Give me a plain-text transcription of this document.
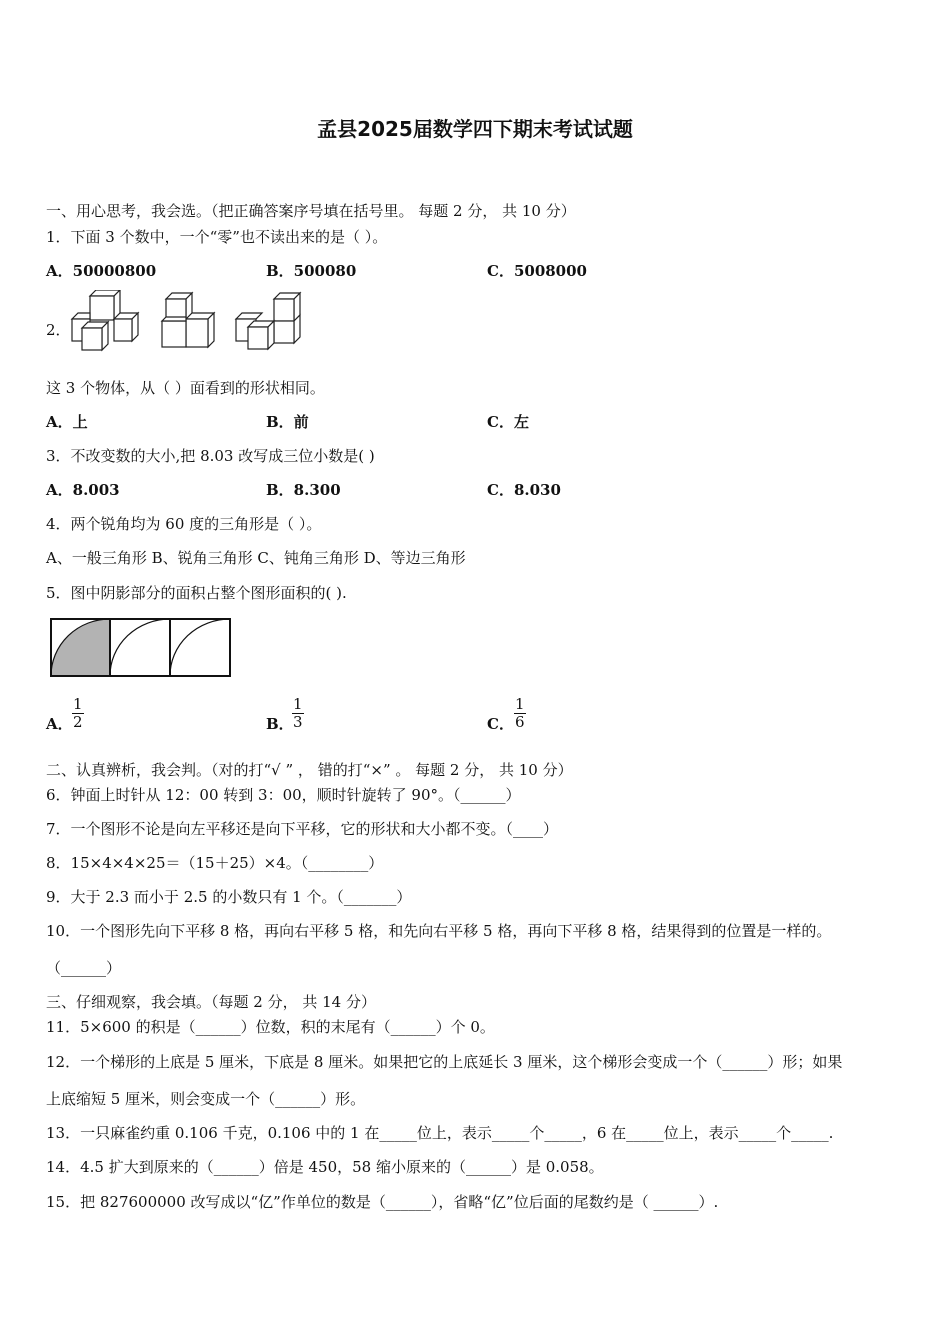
孟县2025届数学四下期末考试试题
一、用心思考，我会选。（把正确答案序号填在括号里。 每题 2 分， 共 10 分）
1．下面 3 个数中，一个“零”也不读出来的是（ ）。
A．50000800	B．500080	C．5008000
2．
这 3 个物体，从（ ）面看到的形状相同。
A．上	B．前	C．左
3．不改变数的大小,把 8.03 改写成三位小数是( )
A．8.003	B．8.300	C．8.030
4．两个锐角均为 60 度的三角形是（ ）。
A、一般三角形 B、锐角三角形 C、钝角三角形 D、等边三角形
5．图中阴影部分的面积占整个图形面积的( ).
A． $\frac{1}{2}$	B．
$\frac{1}{3}$	C． $\frac{1}{6}$
二、认真辨析，我会判。（对的打“√ ” ， 错的打“×” 。 每题 2 分， 共 10 分）
6．钟面上时针从 12：00 转到 3：00，顺时针旋转了 90°。（______）
7．一个图形不论是向左平移还是向下平移，它的形状和大小都不变。（____）
8．15×4×4×25＝（15＋25）×4。（________）
9．大于 2.3 而小于 2.5 的小数只有 1 个。（_______）
10．一个图形先向下平移 8 格，再向右平移 5 格，和先向右平移 5 格，再向下平移 8 格，结果得到的位置是一样的。
（______）
三、仔细观察，我会填。（每题 2 分， 共 14 分）
11．5×600 的积是（______）位数，积的末尾有（______）个 0。
12．一个梯形的上底是 5 厘米，下底是 8 厘米。如果把它的上底延长 3 厘米，这个梯形会变成一个（______）形；如果
上底缩短 5 厘米，则会变成一个（______）形。
13．一只麻雀约重 0.106 千克，0.106 中的 1 在_____位上，表示_____个_____，6 在_____位上，表示_____个_____.
14．4.5 扩大到原来的（______）倍是 450，58 缩小原来的（______）是 0.058。
15．把 827600000 改写成以“亿”作单位的数是（______），省略“亿”位后面的尾数约是（ ______）.
